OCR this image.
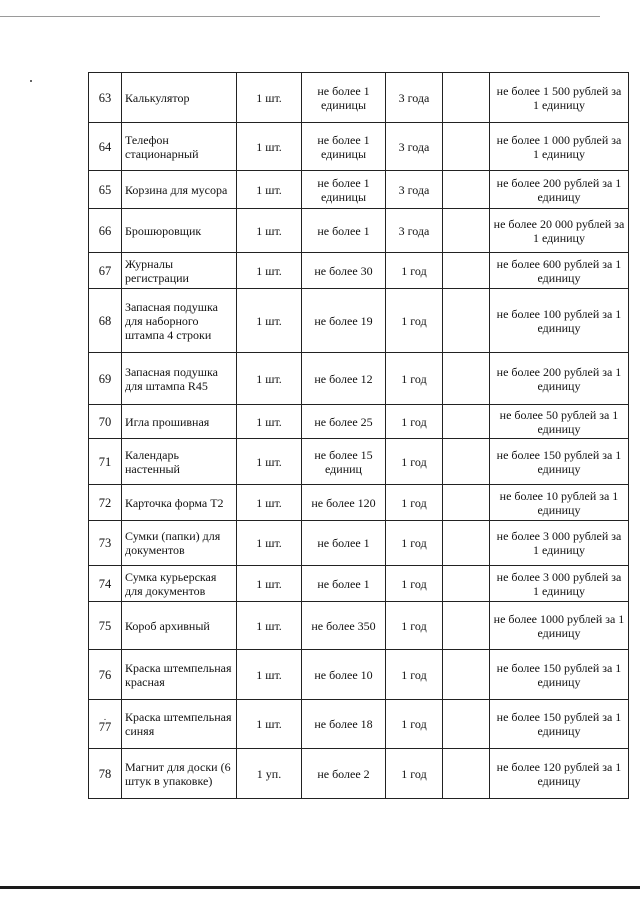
63	Калькулятор	1 шт.	не более 1 единицы	3 года		не более 1 500 рублей за 1 единицу
64	Телефон стационарный	1 шт.	не более 1 единицы	3 года		не более 1 000 рублей за 1 единицу
65	Корзина для мусора	1 шт.	не более 1 единицы	3 года		не более 200 рублей за 1 единицу
66	Брошюровщик	1 шт.	не более 1	3 года		не более 20 000 рублей за 1 единицу
67	Журналы регистрации	1 шт.	не более 30	1 год		не более 600 рублей за 1 единицу
68	Запасная подушка для наборного штампа 4 строки	1 шт.	не более 19	1 год		не более 100 рублей за 1 единицу
69	Запасная подушка для штампа R45	1 шт.	не более 12	1 год		не более 200 рублей за 1 единицу
70	Игла прошивная	1 шт.	не более 25	1 год		не более 50 рублей за 1 единицу
71	Календарь настенный	1 шт.	не более 15 единиц	1 год		не более 150 рублей за 1 единицу
72	Карточка форма Т2	1 шт.	не более 120	1 год		не более 10 рублей за 1 единицу
73	Сумки (папки) для документов	1 шт.	не более 1	1 год		не более 3 000 рублей за 1 единицу
74	Сумка курьерская для документов	1 шт.	не более 1	1 год		не более 3 000 рублей за 1 единицу
75	Короб архивный	1 шт.	не более 350	1 год		не более 1000 рублей за 1 единицу
76	Краска штемпельная красная	1 шт.	не более 10	1 год		не более 150 рублей за 1 единицу

.
77	Краска штемпельная синяя	1 шт.	не более 18	1 год		не более 150 рублей за 1 единицу
78	Магнит для доски (6 штук в упаковке)	1 уп.	не более 2	1 год		не более 120 рублей за 1 единицу
